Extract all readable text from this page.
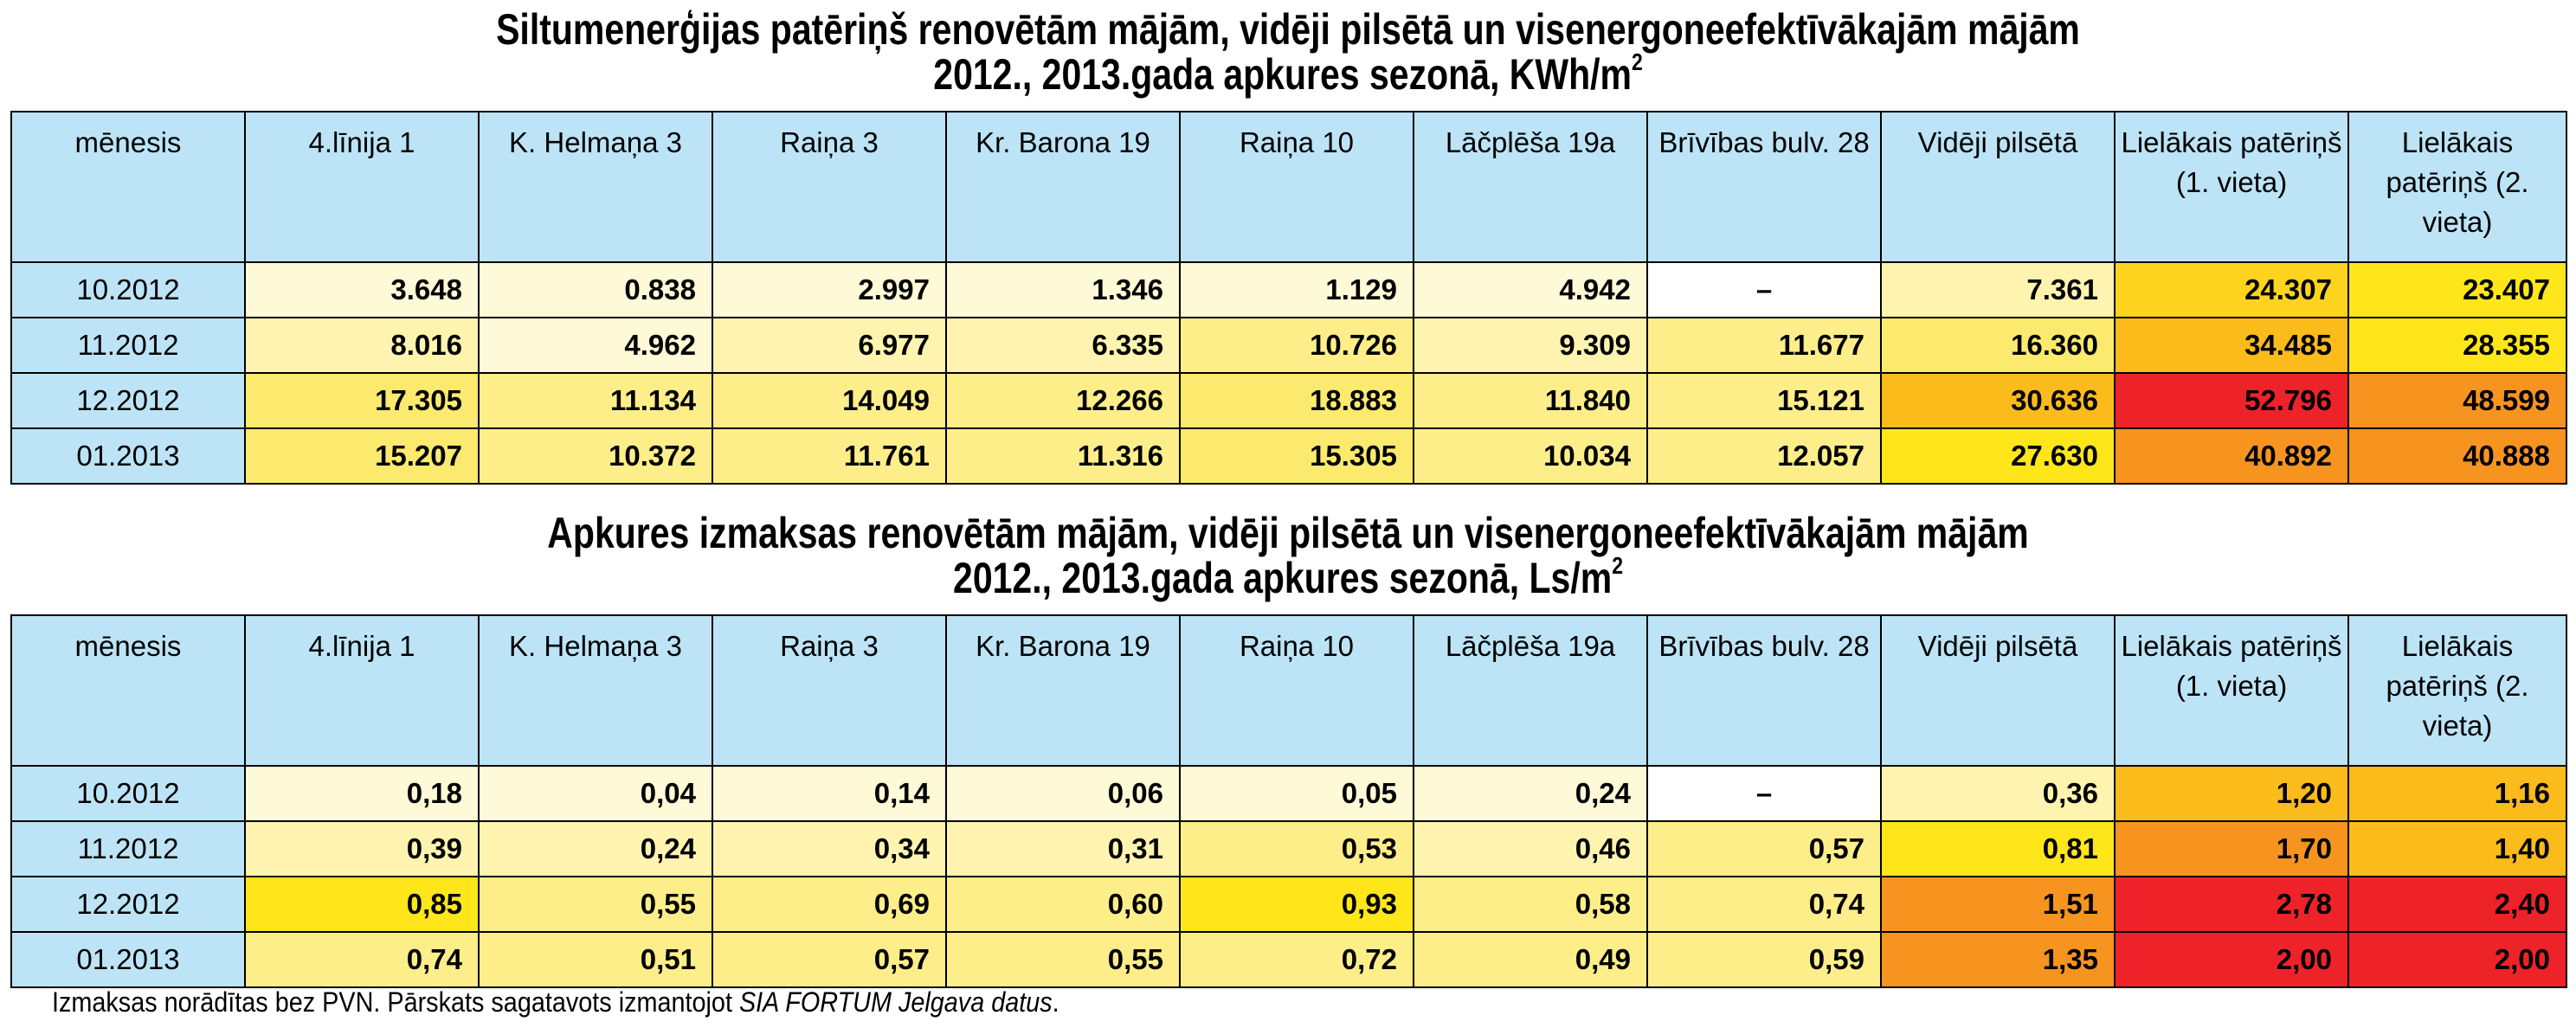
Siltumenerģijas patēriņš renovētām mājām, vidēji pilsētā un visenergoneefektīvākajām mājām
2012., 2013.gada apkures sezonā, KWh/$m^2$
mēnesis	4.līnija 1	K. Helmaņa 3	Raiņa 3	Kr. Barona 19	Raiņa 10	Lāčplēša 19a	Brīvības bulv. 28	Vidēji pilsētā	Lielākais patēriņš (1. vieta)	Lielākais patēriņš (2. vieta)
10.2012	3.648	0.838	2.997	1.346	1.129	4.942	–	7.361	24.307	23.407
11.2012	8.016	4.962	6.977	6.335	10.726	9.309	11.677	16.360	34.485	28.355
12.2012	17.305	11.134	14.049	12.266	18.883	11.840	15.121	30.636	52.796	48.599
01.2013	15.207	10.372	11.761	11.316	15.305	10.034	12.057	27.630	40.892	40.888
Apkures izmaksas renovētām mājām, vidēji pilsētā un visenergoneefektīvākajām mājām
2012., 2013.gada apkures sezonā, $Ls/m^2$
mēnesis	4.līnija 1	K. Helmaņa 3	Raiņa 3	Kr. Barona 19	Raiņa 10	Lāčplēša 19a	Brīvības bulv. 28	Vidēji pilsētā	Lielākais patēriņš (1. vieta)	Lielākais patēriņš (2. vieta)
10.2012	0,18	0,04	0,14	0,06	0,05	0,24	–	0,36	1,20	1,16
11.2012	0,39	0,24	0,34	0,31	0,53	0,46	0,57	0,81	1,70	1,40
12.2012	0,85	0,55	0,69	0,60	0,93	0,58	0,74	1,51	2,78	2,40
01.2013	0,74	0,51	0,57	0,55	0,72	0,49	0,59	1,35	2,00	2,00
Izmaksas norādītas bez PVN. Pārskats sagatavots izmantojot SIA FORTUM Jelgava datus.
